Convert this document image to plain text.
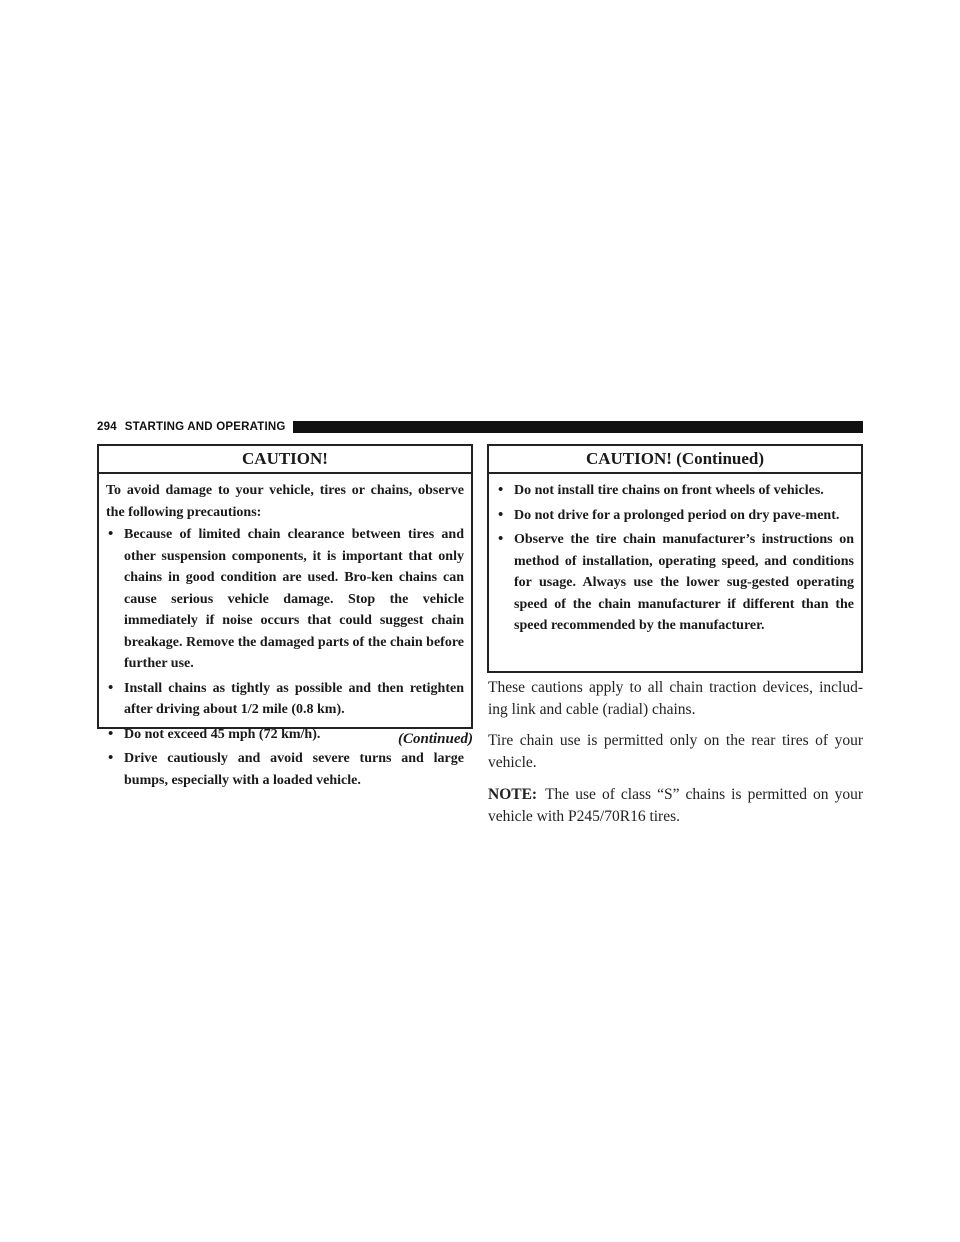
294 STARTING AND OPERATING
CAUTION!

To avoid damage to your vehicle, tires or chains, observe the following precautions:

• Because of limited chain clearance between tires and other suspension components, it is important that only chains in good condition are used. Bro-ken chains can cause serious vehicle damage. Stop the vehicle immediately if noise occurs that could suggest chain breakage. Remove the damaged parts of the chain before further use.
• Install chains as tightly as possible and then retighten after driving about 1/2 mile (0.8 km).
• Do not exceed 45 mph (72 km/h).
• Drive cautiously and avoid severe turns and large bumps, especially with a loaded vehicle.
(Continued)
CAUTION! (Continued)
• Do not install tire chains on front wheels of vehicles.
• Do not drive for a prolonged period on dry pave-ment.
• Observe the tire chain manufacturer’s instructions on method of installation, operating speed, and conditions for usage. Always use the lower sug-gested operating speed of the chain manufacturer if different than the speed recommended by the manufacturer.

These cautions apply to all chain traction devices, includ-ing link and cable (radial) chains.

Tire chain use is permitted only on the rear tires of your vehicle.

NOTE: The use of class “S” chains is permitted on your vehicle with P245/70R16 tires.
